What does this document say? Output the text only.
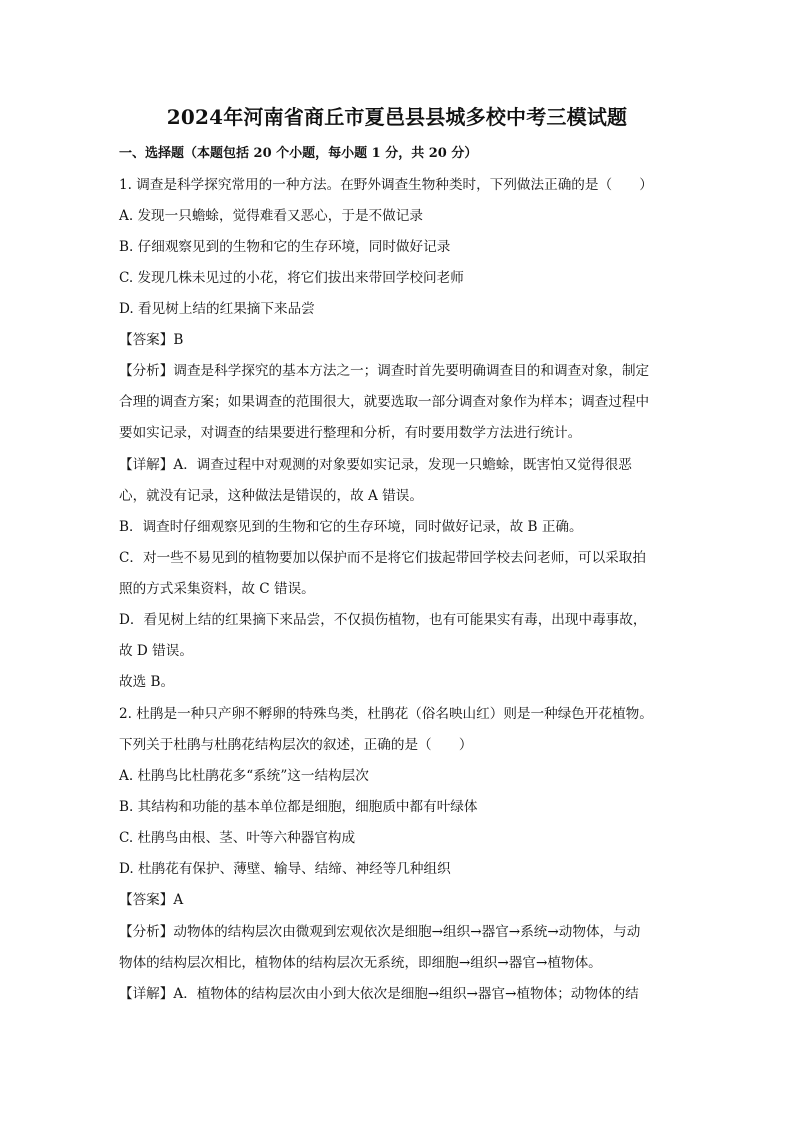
2024年河南省商丘市夏邑县县城多校中考三模试题
一、选择题（本题包括 20 个小题，每小题 1 分，共 20 分）
1. 调查是科学探究常用的一种方法。在野外调查生物种类时，下列做法正确的是（　　）
A. 发现一只蟾蜍，觉得难看又恶心，于是不做记录
B. 仔细观察见到的生物和它的生存环境，同时做好记录
C. 发现几株未见过的小花，将它们拔出来带回学校问老师
D. 看见树上结的红果摘下来品尝
【答案】B
【分析】调查是科学探究的基本方法之一；调查时首先要明确调查目的和调查对象，制定
合理的调查方案；如果调查的范围很大，就要选取一部分调查对象作为样本；调查过程中
要如实记录，对调查的结果要进行整理和分析，有时要用数学方法进行统计。
【详解】A．调查过程中对观测的对象要如实记录，发现一只蟾蜍，既害怕又觉得很恶
心，就没有记录，这种做法是错误的，故 A 错误。
B．调查时仔细观察见到的生物和它的生存环境，同时做好记录，故 B 正确。
C．对一些不易见到的植物要加以保护而不是将它们拔起带回学校去问老师，可以采取拍
照的方式采集资料，故 C 错误。
D．看见树上结的红果摘下来品尝，不仅损伤植物，也有可能果实有毒，出现中毒事故，
故 D 错误。
故选 B。
2. 杜鹃是一种只产卵不孵卵的特殊鸟类，杜鹃花（俗名映山红）则是一种绿色开花植物。
下列关于杜鹃与杜鹃花结构层次的叙述，正确的是（　　）
A. 杜鹃鸟比杜鹃花多“系统”这一结构层次
B. 其结构和功能的基本单位都是细胞，细胞质中都有叶绿体
C. 杜鹃鸟由根、茎、叶等六种器官构成
D. 杜鹃花有保护、薄壁、输导、结缔、神经等几种组织
【答案】A
【分析】动物体的结构层次由微观到宏观依次是细胞→组织→器官→系统→动物体，与动
物体的结构层次相比，植物体的结构层次无系统，即细胞→组织→器官→植物体。
【详解】A．植物体的结构层次由小到大依次是细胞→组织→器官→植物体；动物体的结
